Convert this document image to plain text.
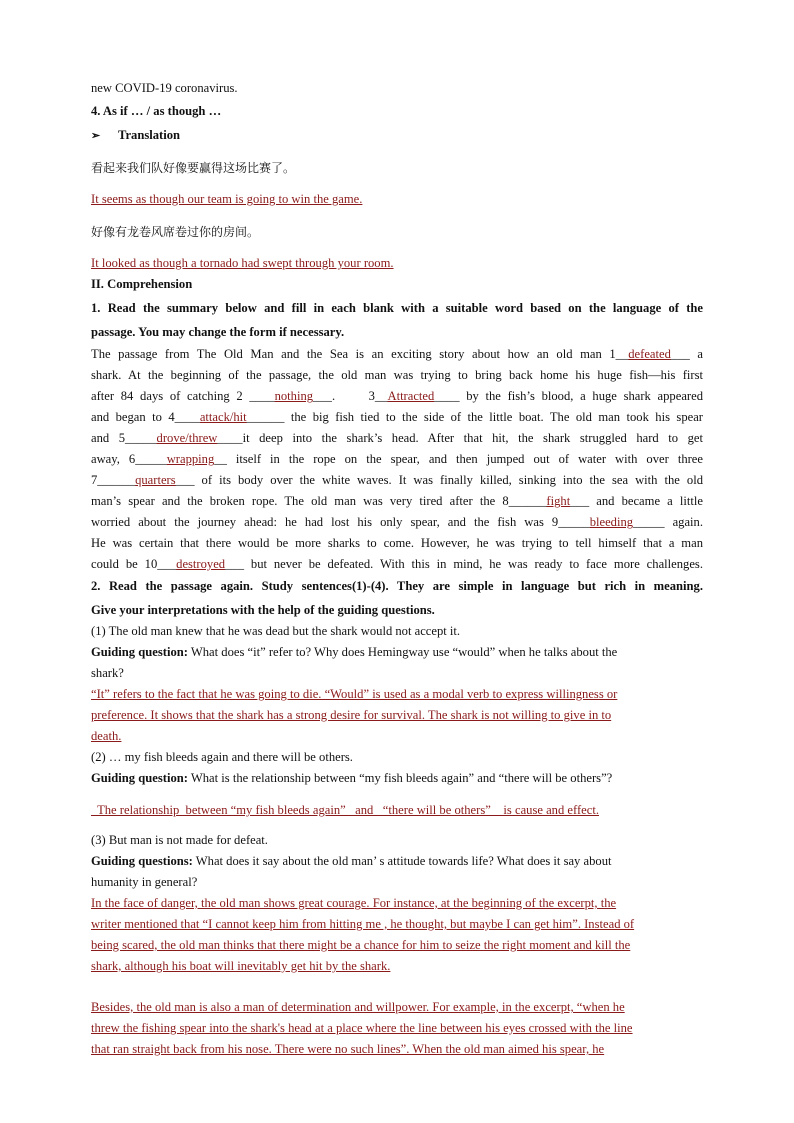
new COVID-19 coronavirus.
4. As if … / as though …
➢ Translation
看起来我们队好像要赢得这场比赛了。
It seems as though our team is going to win the game.
好像有龙卷风席卷过你的房间。
It looked as though a tornado had swept through your room.
II. Comprehension
1. Read the summary below and fill in each blank with a suitable word based on the language of the
passage. You may change the form if necessary.
The passage from The Old Man and the Sea is an exciting story about how an old man 1__defeated___ a
shark. At the beginning of the passage, the old man was trying to bring back home his huge fish—his first
after 84 days of catching 2 ____nothing___.     3__Attracted____ by the fish’s blood, a huge shark appeared
and began to 4____attack/hit______ the big fish tied to the side of the little boat. The old man took his spear
and 5_____drove/threw____it deep into the shark’s head. After that hit, the shark struggled hard to get
away, 6_____wrapping__ itself in the rope on the spear, and then jumped out of water with over three
7______quarters___ of its body over the white waves. It was finally killed, sinking into the sea with the old
man’s spear and the broken rope. The old man was very tired after the 8______fight___ and became a little
worried about the journey ahead: he had lost his only spear, and the fish was 9_____bleeding_____ again.
He was certain that there would be more sharks to come. However, he was trying to tell himself that a man
could be 10___destroyed___ but never be defeated. With this in mind, he was ready to face more challenges.
2. Read the passage again. Study sentences(1)-(4). They are simple in language but rich in meaning.
Give your interpretations with the help of the guiding questions.
(1) The old man knew that he was dead but the shark would not accept it.
Guiding question: What does “it” refer to? Why does Hemingway use “would” when he talks about the
shark?
“It” refers to the fact that he was going to die. “Would” is used as a modal verb to express willingness or
preference. It shows that the shark has a strong desire for survival. The shark is not willing to give in to
death.
(2) … my fish bleeds again and there will be others.
Guiding question: What is the relationship between “my fish bleeds again” and “there will be others”?
The relationship  between “my fish bleeds again”   and   “there will be others”    is cause and effect.
(3) But man is not made for defeat.
Guiding questions: What does it say about the old man’ s attitude towards life? What does it say about
humanity in general?
In the face of danger, the old man shows great courage. For instance, at the beginning of the excerpt, the
writer mentioned that “I cannot keep him from hitting me , he thought, but maybe I can get him”. Instead of
being scared, the old man thinks that there might be a chance for him to seize the right moment and kill the
shark, although his boat will inevitably get hit by the shark.
Besides, the old man is also a man of determination and willpower. For example, in the excerpt, “when he
threw the fishing spear into the shark's head at a place where the line between his eyes crossed with the line
that ran straight back from his nose. There were no such lines”. When the old man aimed his spear, he
